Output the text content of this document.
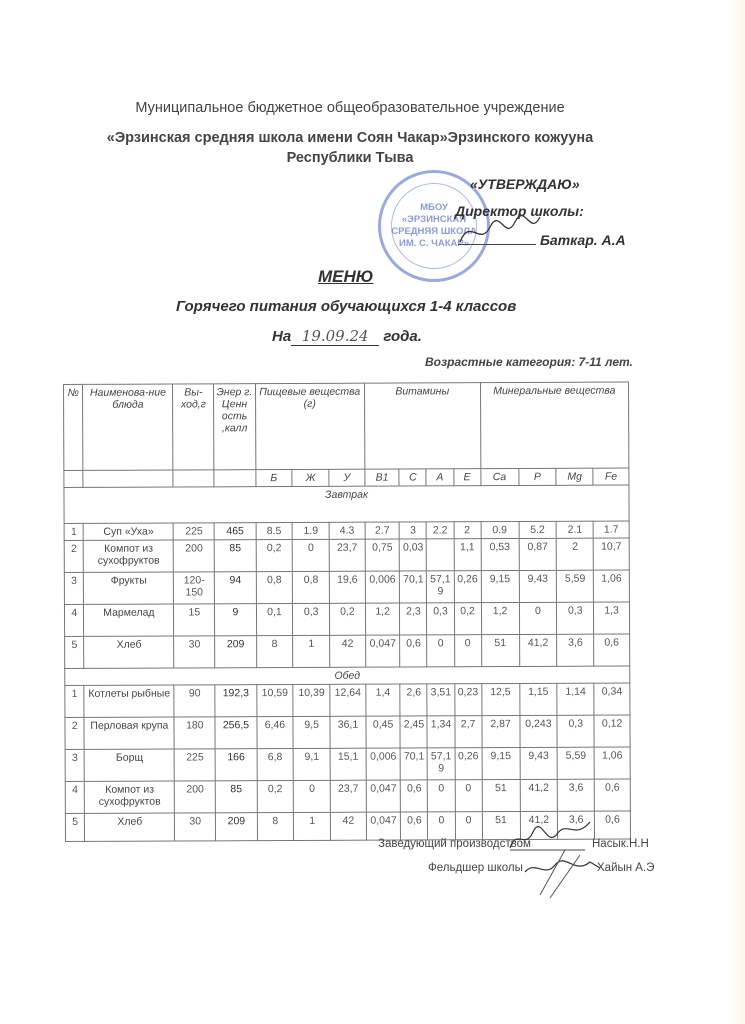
Муниципальное бюджетное общеобразовательное учреждение
«Эрзинская средняя школа имени Соян Чакар»Эрзинского кожууна
Республики Тыва
МБОУ
«ЭРЗИНСКАЯ
СРЕДНЯЯ ШКОЛА
ИМ. С. ЧАКАР»
«УТВЕРЖДАЮ»
Директор школы:
Баткар. А.А
МЕНЮ
Горячего питания обучающихся 1-4 классов
На 19.09.24 года.
Возрастные категория: 7-11 лет.
№	Наименова-ние блюда	Вы-ход,г	Энер г. Ценн ость ,калл	Пищевые вещества (г)			Витамины				Минеральные вещества			
				Б	Ж	У	B1	C	A	E	Ca	P	Mg	Fe
Завтрак														
1	Суп «Уха»	225	465	8.5	1.9	4.3	2.7	3	2.2	2	0.9	5.2	2.1	1.7
2	Компот из сухофруктов	200	85	0,2	0	23,7	0,75	0,03		1,1	0,53	0,87	2	10,7
3	Фрукты	120-150	94	0,8	0,8	19,6	0,006	70,1	57,19	0,26	9,15	9,43	5,59	1,06
4	Мармелад	15	9	0,1	0,3	0,2	1,2	2,3	0,3	0,2	1,2	0	0,3	1,3
5	Хлеб	30	209	8	1	42	0,047	0,6	0	0	51	41,2	3,6	0,6
Обед														
1	Котлеты рыбные	90	192,3	10,59	10,39	12,64	1,4	2,6	3,51	0,23	12,5	1,15	1,14	0,34
2	Перловая крупа	180	256,5	6,46	9,5	36,1	0,45	2,45	1,34	2,7	2,87	0,243	0,3	0,12
3	Борщ	225	166	6,8	9,1	15,1	0,006	70,1	57,19	0,26	9,15	9,43	5,59	1,06
4	Компот из сухофруктов	200	85	0,2	0	23,7	0,047	0,6	0	0	51	41,2	3,6	0,6
5	Хлеб	30	209	8	1	42	0,047	0,6	0	0	51	41,2	3,6	0,6
Заведующий производством	Насык.Н.Н
Фельдшер школы	Хайын А.Э
